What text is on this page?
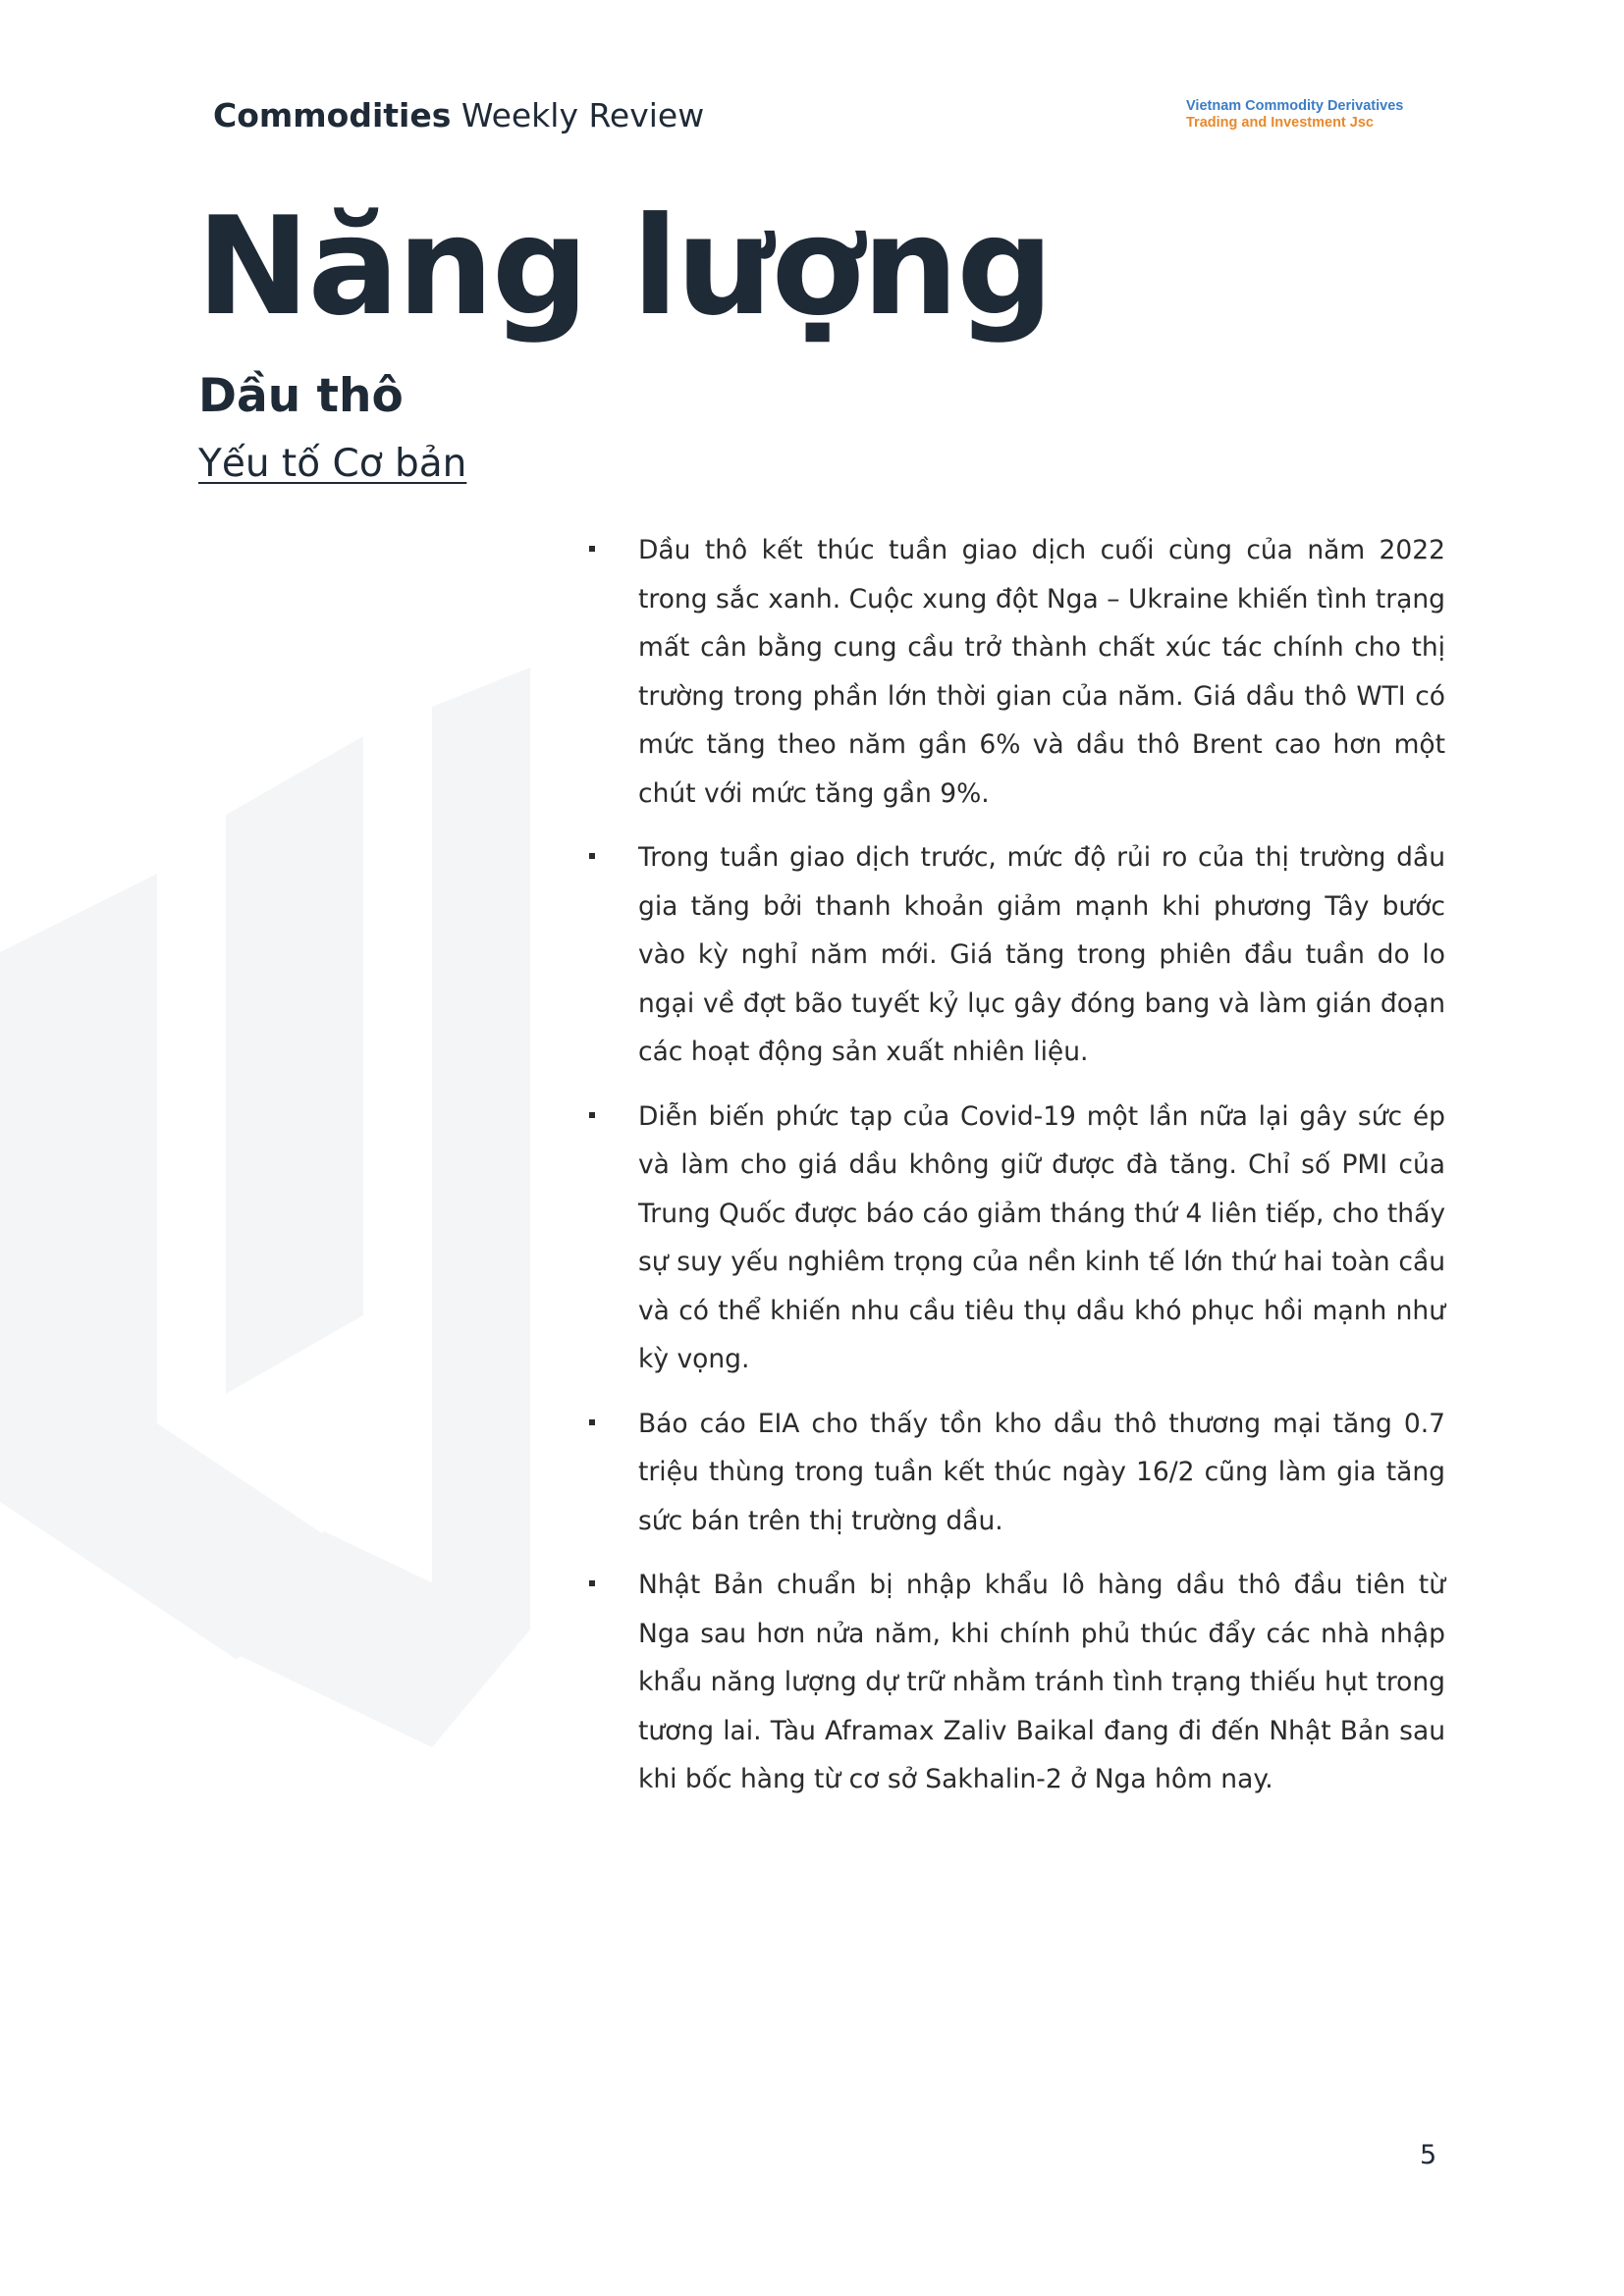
Commodities Weekly Review	Vietnam Commodity Derivatives
Trading and Investment Jsc
Năng lượng
Dầu thô
Yếu tố Cơ bản
Dầu thô kết thúc tuần giao dịch cuối cùng của năm 2022 trong sắc xanh. Cuộc xung đột Nga – Ukraine khiến tình trạng mất cân bằng cung cầu trở thành chất xúc tác chính cho thị trường trong phần lớn thời gian của năm. Giá dầu thô WTI có mức tăng theo năm gần 6% và dầu thô Brent cao hơn một chút với mức tăng gần 9%.
Trong tuần giao dịch trước, mức độ rủi ro của thị trường dầu gia tăng bởi thanh khoản giảm mạnh khi phương Tây bước vào kỳ nghỉ năm mới. Giá tăng trong phiên đầu tuần do lo ngại về đợt bão tuyết kỷ lục gây đóng bang và làm gián đoạn các hoạt động sản xuất nhiên liệu.
Diễn biến phức tạp của Covid-19 một lần nữa lại gây sức ép và làm cho giá dầu không giữ được đà tăng. Chỉ số PMI của Trung Quốc được báo cáo giảm tháng thứ 4 liên tiếp, cho thấy sự suy yếu nghiêm trọng của nền kinh tế lớn thứ hai toàn cầu và có thể khiến nhu cầu tiêu thụ dầu khó phục hồi mạnh như kỳ vọng.
Báo cáo EIA cho thấy tồn kho dầu thô thương mại tăng 0.7 triệu thùng trong tuần kết thúc ngày 16/2 cũng làm gia tăng sức bán trên thị trường dầu.
Nhật Bản chuẩn bị nhập khẩu lô hàng dầu thô đầu tiên từ Nga sau hơn nửa năm, khi chính phủ thúc đẩy các nhà nhập khẩu năng lượng dự trữ nhằm tránh tình trạng thiếu hụt trong tương lai. Tàu Aframax Zaliv Baikal đang đi đến Nhật Bản sau khi bốc hàng từ cơ sở Sakhalin-2 ở Nga hôm nay.
5
